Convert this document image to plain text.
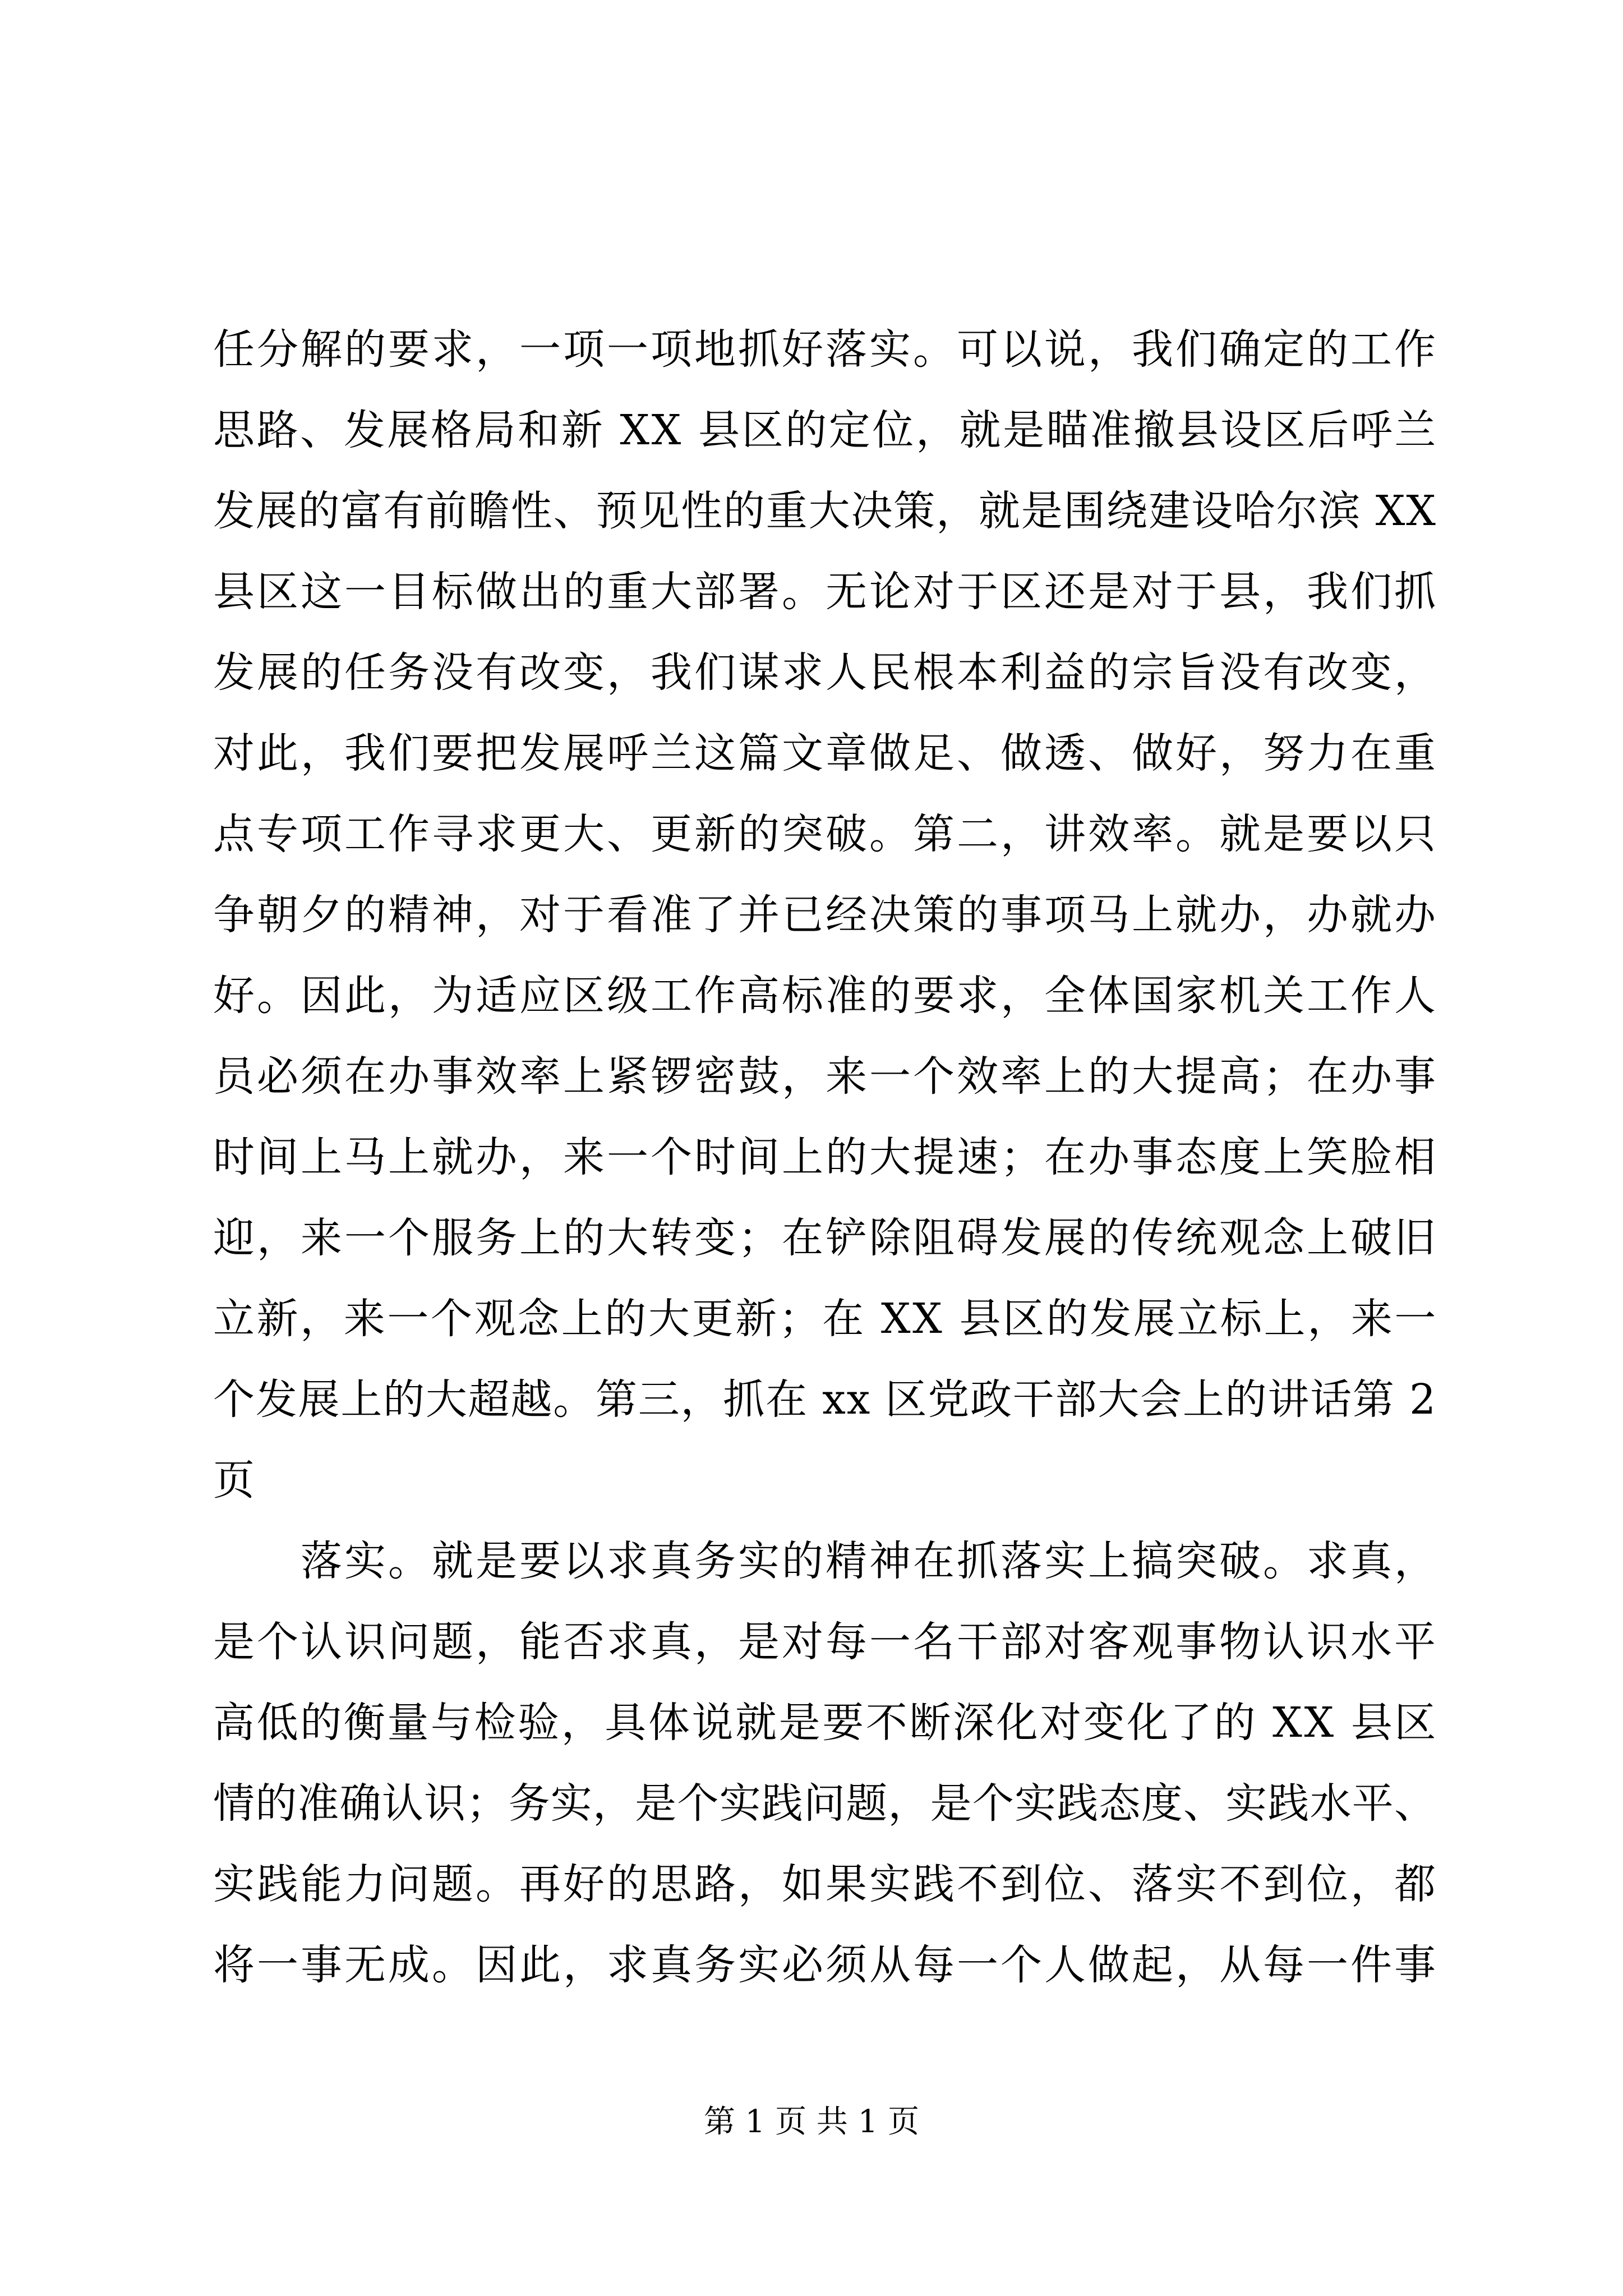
任分解的要求，一项一项地抓好落实。可以说，我们确定的工作
思路、发展格局和新 XX 县区的定位，就是瞄准撤县设区后呼兰
发展的富有前瞻性、预见性的重大决策，就是围绕建设哈尔滨 XX
县区这一目标做出的重大部署。无论对于区还是对于县，我们抓
发展的任务没有改变，我们谋求人民根本利益的宗旨没有改变，
对此，我们要把发展呼兰这篇文章做足、做透、做好，努力在重
点专项工作寻求更大、更新的突破。第二，讲效率。就是要以只
争朝夕的精神，对于看准了并已经决策的事项马上就办，办就办
好。因此，为适应区级工作高标准的要求，全体国家机关工作人
员必须在办事效率上紧锣密鼓，来一个效率上的大提高；在办事
时间上马上就办，来一个时间上的大提速；在办事态度上笑脸相
迎，来一个服务上的大转变；在铲除阻碍发展的传统观念上破旧
立新，来一个观念上的大更新；在 XX 县区的发展立标上，来一
个发展上的大超越。第三，抓在 xx 区党政干部大会上的讲话第 2
页
　　落实。就是要以求真务实的精神在抓落实上搞突破。求真，
是个认识问题，能否求真，是对每一名干部对客观事物认识水平
高低的衡量与检验，具体说就是要不断深化对变化了的 XX 县区
情的准确认识；务实，是个实践问题，是个实践态度、实践水平、
实践能力问题。再好的思路，如果实践不到位、落实不到位，都
将一事无成。因此，求真务实必须从每一个人做起，从每一件事
第 1 页 共 1 页
